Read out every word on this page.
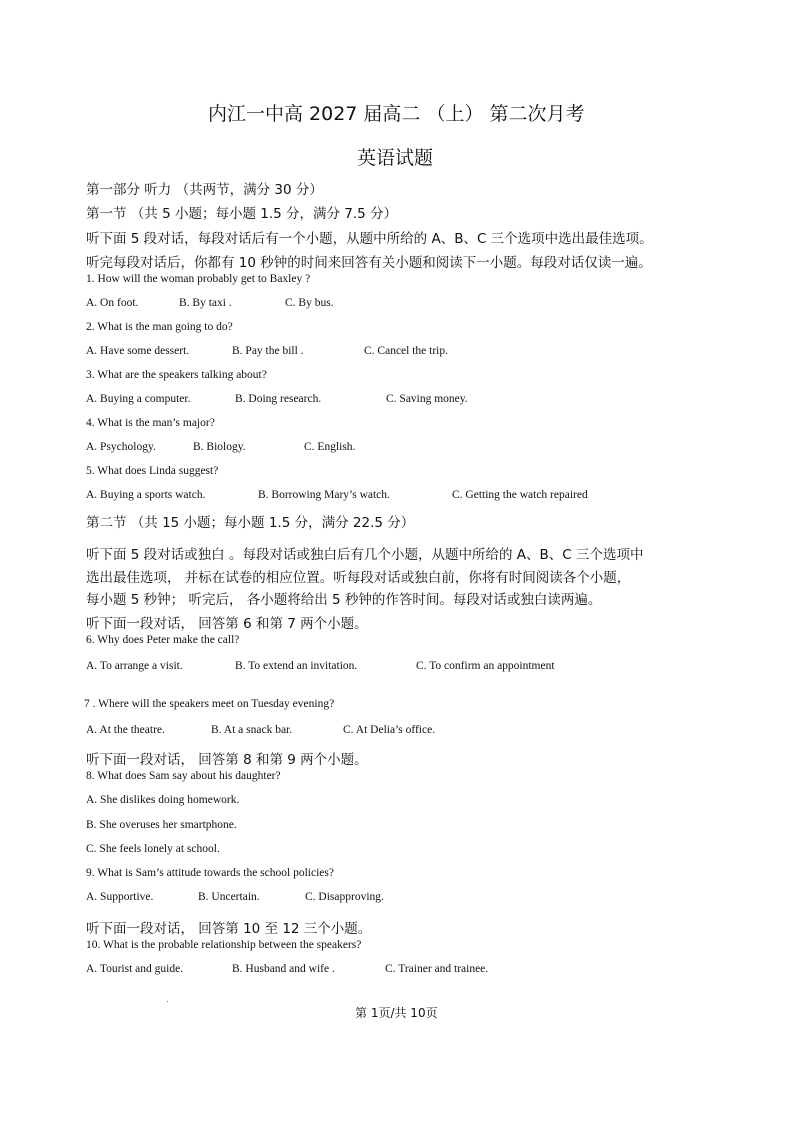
内江一中高 2027 届高二 （上） 第二次月考
英语试题
第一部分 听力 （共两节，满分 30 分）
第一节 （共 5 小题；每小题 1.5 分，满分 7.5 分）
听下面 5 段对话，每段对话后有一个小题，从题中所给的 A、B、C 三个选项中选出最佳选项。
听完每段对话后，你都有 10 秒钟的时间来回答有关小题和阅读下一小题。每段对话仅读一遍。
1. How will the woman probably get to Baxley ?
A. On foot.	B. By taxi .	C. By bus.
2. What is the man going to do?
A. Have some dessert.	B. Pay the bill .	C. Cancel the trip.
3. What are the speakers talking about?
A. Buying a computer.	B. Doing research.	C. Saving money.
4. What is the man’s major?
A. Psychology.	B. Biology.	C. English.
5. What does Linda suggest?
A. Buying a sports watch.	B. Borrowing Mary’s watch.	C. Getting the watch repaired
第二节 （共 15 小题；每小题 1.5 分，满分 22.5 分）
听下面 5 段对话或独白 。每段对话或独白后有几个小题，从题中所给的 A、B、C 三个选项中
选出最佳选项， 并标在试卷的相应位置。听每段对话或独白前，你将有时间阅读各个小题，
每小题 5 秒钟； 听完后， 各小题将给出 5 秒钟的作答时间。每段对话或独白读两遍。
听下面一段对话， 回答第 6 和第 7 两个小题。
6. Why does Peter make the call?
A. To arrange a visit.	B. To extend an invitation.	C. To confirm an appointment
7 . Where will the speakers meet on Tuesday evening?
A. At the theatre.	B. At a snack bar.	C. At Delia’s office.
听下面一段对话， 回答第 8 和第 9 两个小题。
8. What does Sam say about his daughter?
A. She dislikes doing homework.
B. She overuses her smartphone.
C. She feels lonely at school.
9. What is Sam’s attitude towards the school policies?
A. Supportive.	B. Uncertain.	C. Disapproving.
听下面一段对话， 回答第 10 至 12 三个小题。
10. What is the probable relationship between the speakers?
A. Tourist and guide.	B. Husband and wife .	C. Trainer and trainee.
第 1页/共 10页
